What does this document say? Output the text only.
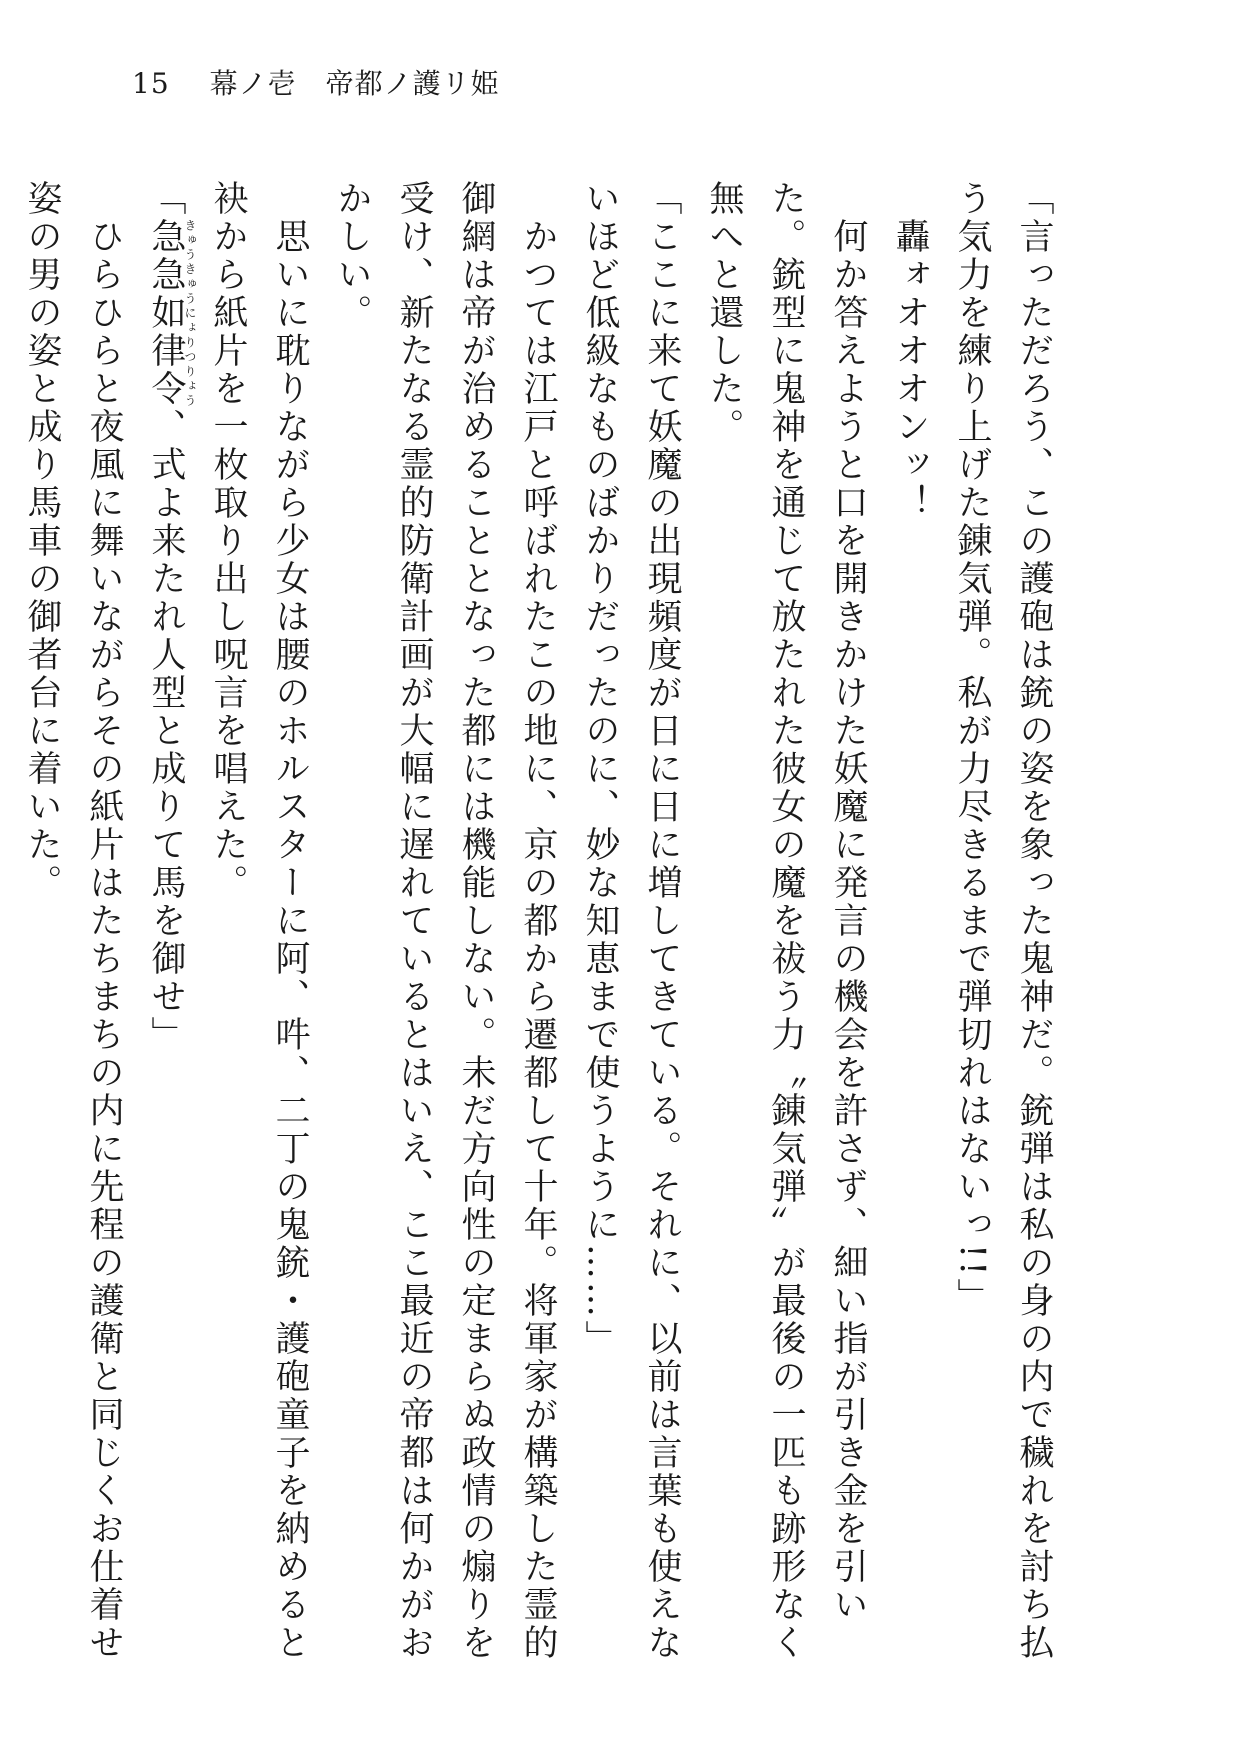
15 幕ノ壱　帝都ノ護リ姫

「言っただろう、この護砲は銃の姿を象った鬼神だ。銃弾は私の身の内で穢れを討ち払う気力を練り上げた錬気弾。私が力尽きるまで弾切れはないっ!!」

　轟ォオオオンッ！

　何か答えようと口を開きかけた妖魔に発言の機会を許さず、細い指が引き金を引いた。銃型に鬼神を通じて放たれた彼女の魔を祓う力〝錬気弾〟が最後の一匹も跡形なく無へと還した。

「ここに来て妖魔の出現頻度が日に日に増してきている。それに、以前は言葉も使えないほど低級なものばかりだったのに、妙な知恵まで使うように……」

　かつては江戸と呼ばれたこの地に、京の都から遷都して十年。将軍家が構築した霊的御網は帝が治めることとなった都には機能しない。未だ方向性の定まらぬ政情の煽りを受け、新たなる霊的防衛計画が大幅に遅れているとはいえ、ここ最近の帝都は何かがおかしい。

　思いに耽りながら少女は腰のホルスターに阿、吽、二丁の鬼銃・護砲童子を納めると袂から紙片を一枚取り出し呪言を唱えた。

「急急如律令きゅうきゅうにょりつりょう、式よ来たれ人型と成りて馬を御せ」

　ひらひらと夜風に舞いながらその紙片はたちまちの内に先程の護衛と同じくお仕着せ姿の男の姿と成り馬車の御者台に着いた。
